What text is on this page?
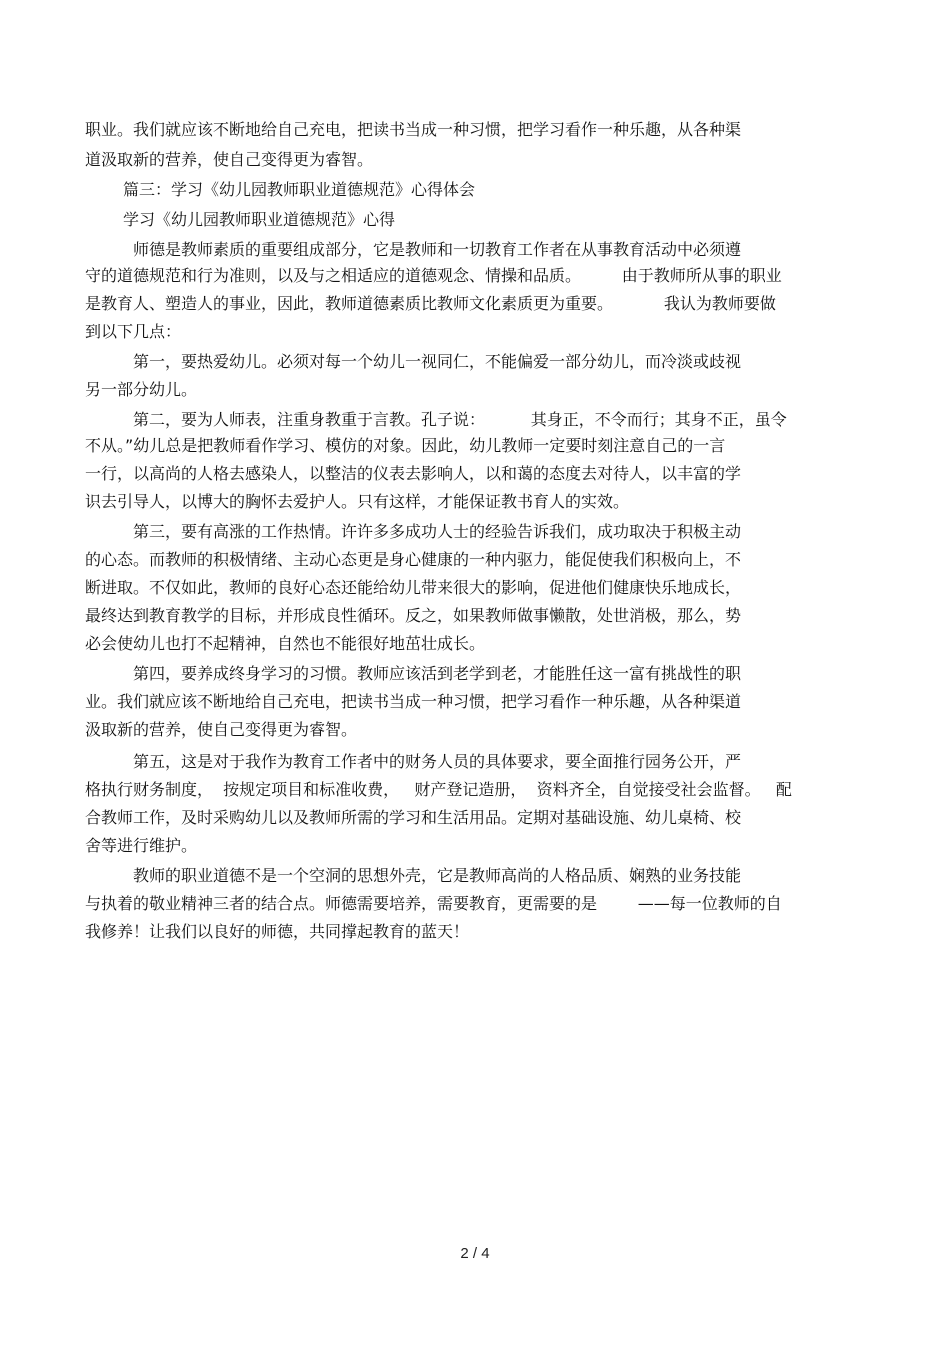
职业。我们就应该不断地给自己充电，把读书当成一种习惯，把学习看作一种乐趣，从各种渠
道汲取新的营养，使自己变得更为睿智。
篇三：学习《幼儿园教师职业道德规范》心得体会
学习《幼儿园教师职业道德规范》心得
师德是教师素质的重要组成部分，它是教师和一切教育工作者在从事教育活动中必须遵
守的道德规范和行为准则，以及与之相适应的道德观念、情操和品质。        由于教师所从事的职业
是教育人、塑造人的事业，因此，教师道德素质比教师文化素质更为重要。          我认为教师要做
到以下几点：
第一，要热爱幼儿。必须对每一个幼儿一视同仁，不能偏爱一部分幼儿，而冷淡或歧视
另一部分幼儿。
第二，要为人师表，注重身教重于言教。孔子说：         其身正，不令而行；其身不正，虽令
不从。”幼儿总是把教师看作学习、模仿的对象。因此，幼儿教师一定要时刻注意自己的一言
一行，以高尚的人格去感染人，以整洁的仪表去影响人，以和蔼的态度去对待人，以丰富的学
识去引导人，以博大的胸怀去爱护人。只有这样，才能保证教书育人的实效。
第三，要有高涨的工作热情。许许多多成功人士的经验告诉我们，成功取决于积极主动
的心态。而教师的积极情绪、主动心态更是身心健康的一种内驱力，能促使我们积极向上，不
断进取。不仅如此，教师的良好心态还能给幼儿带来很大的影响，促进他们健康快乐地成长，
最终达到教育教学的目标，并形成良性循环。反之，如果教师做事懒散，处世消极，那么，势
必会使幼儿也打不起精神，自然也不能很好地茁壮成长。
第四，要养成终身学习的习惯。教师应该活到老学到老，才能胜任这一富有挑战性的职
业。我们就应该不断地给自己充电，把读书当成一种习惯，把学习看作一种乐趣，从各种渠道
汲取新的营养，使自己变得更为睿智。
第五，这是对于我作为教育工作者中的财务人员的具体要求，要全面推行园务公开，严
格执行财务制度，  按规定项目和标准收费，   财产登记造册，  资料齐全，自觉接受社会监督。   配
合教师工作，及时采购幼儿以及教师所需的学习和生活用品。定期对基础设施、幼儿桌椅、校
舍等进行维护。
教师的职业道德不是一个空洞的思想外壳，它是教师高尚的人格品质、娴熟的业务技能
与执着的敬业精神三者的结合点。师德需要培养，需要教育，更需要的是        ——每一位教师的自
我修养！让我们以良好的师德，共同撑起教育的蓝天！
2 / 4
